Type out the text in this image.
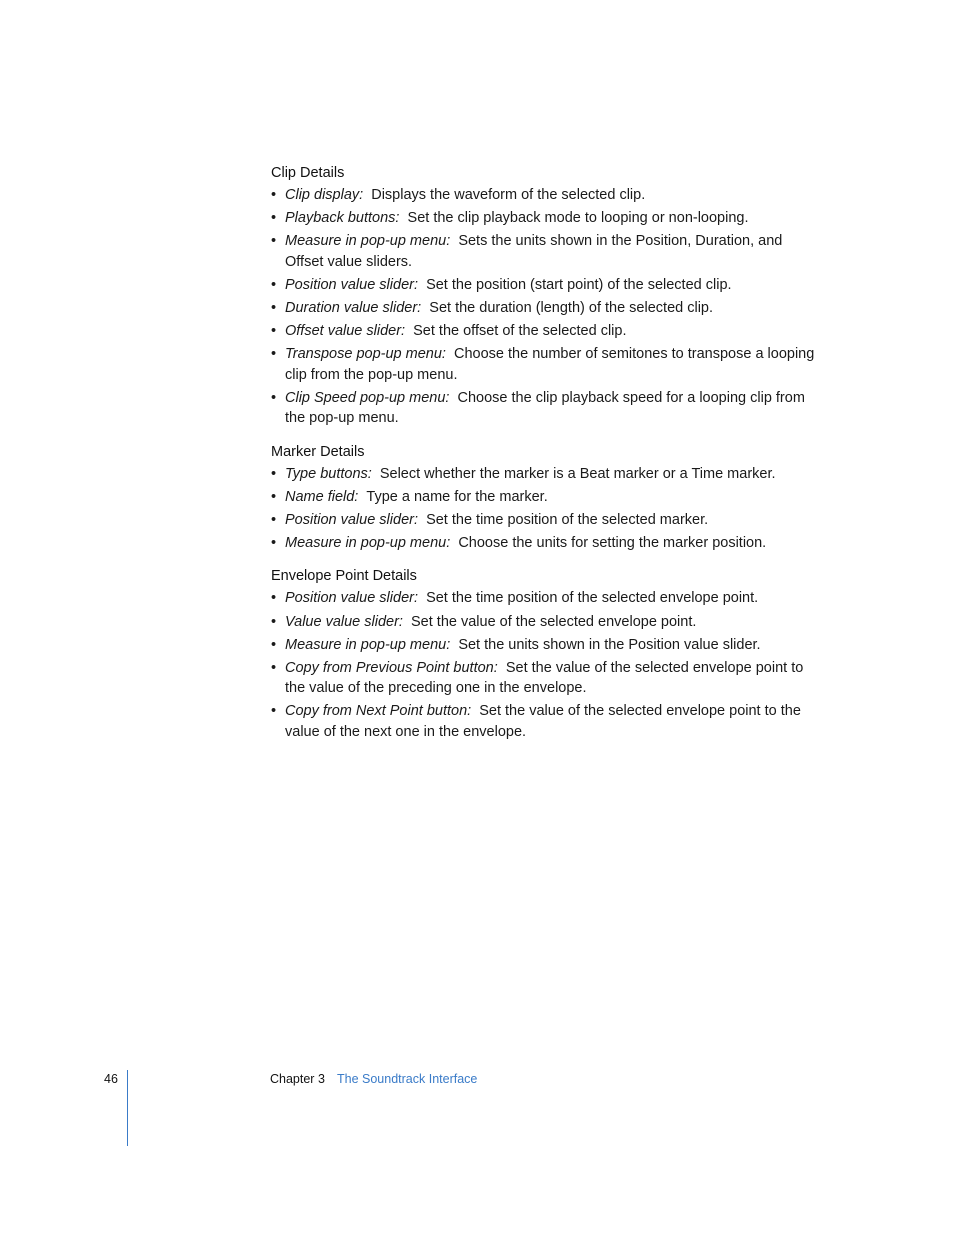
Clip Details
• Clip display: Displays the waveform of the selected clip.
• Playback buttons: Set the clip playback mode to looping or non-looping.
• Measure in pop-up menu: Sets the units shown in the Position, Duration, and Offset value sliders.
• Position value slider: Set the position (start point) of the selected clip.
• Duration value slider: Set the duration (length) of the selected clip.
• Offset value slider: Set the offset of the selected clip.
• Transpose pop-up menu: Choose the number of semitones to transpose a looping clip from the pop-up menu.
• Clip Speed pop-up menu: Choose the clip playback speed for a looping clip from the pop-up menu.
Marker Details
• Type buttons: Select whether the marker is a Beat marker or a Time marker.
• Name field: Type a name for the marker.
• Position value slider: Set the time position of the selected marker.
• Measure in pop-up menu: Choose the units for setting the marker position.
Envelope Point Details
• Position value slider: Set the time position of the selected envelope point.
• Value value slider: Set the value of the selected envelope point.
• Measure in pop-up menu: Set the units shown in the Position value slider.
• Copy from Previous Point button: Set the value of the selected envelope point to the value of the preceding one in the envelope.
• Copy from Next Point button: Set the value of the selected envelope point to the value of the next one in the envelope.
46	Chapter 3 The Soundtrack Interface
